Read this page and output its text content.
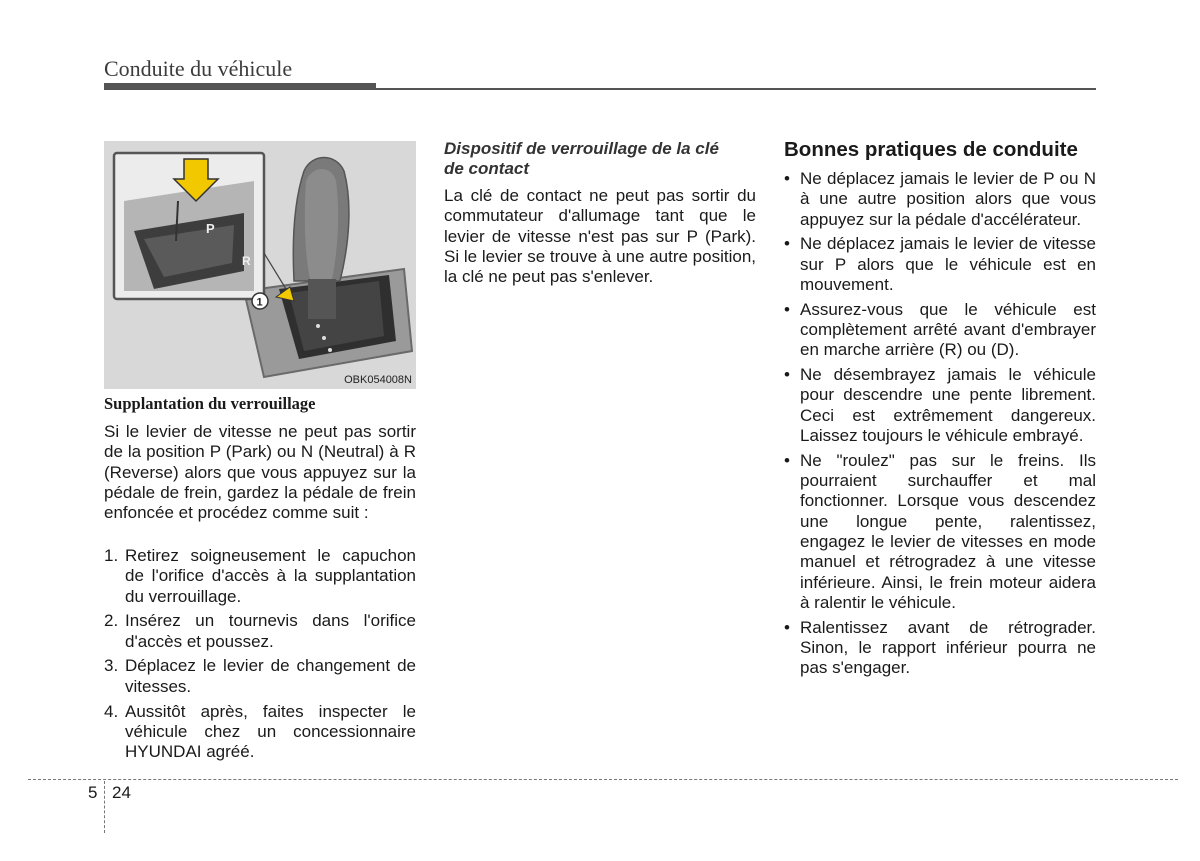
Conduite du véhicule
P
R
1
OBK054008N
Supplantation du verrouillage
Si le levier de vitesse ne peut pas sortir de la position P (Park) ou N (Neutral) à R (Reverse) alors que vous appuyez sur la pédale de frein, gardez la pédale de frein enfoncée et procédez comme suit :
1. Retirez soigneusement le capuchon de l'orifice d'accès à la supplantation du verrouillage.
2. Insérez un tournevis dans l'orifice d'accès et poussez.
3. Déplacez le levier de changement de vitesses.
4. Aussitôt après, faites inspecter le véhicule chez un concessionnaire HYUNDAI agréé.
Dispositif de verrouillage de la clé de contact
La clé de contact ne peut pas sortir du commutateur d'allumage tant que le levier de vitesse n'est pas sur P (Park). Si le levier se trouve à une autre position, la clé ne peut pas s'enlever.
Bonnes pratiques de conduite
• Ne déplacez jamais le levier de P ou N à une autre position alors que vous appuyez sur la pédale d'accélérateur.
• Ne déplacez jamais le levier de vitesse sur P alors que le véhicule est en mouvement.
• Assurez-vous que le véhicule est complètement arrêté avant d'embrayer en marche arrière (R) ou (D).
• Ne désembrayez jamais le véhicule pour descendre une pente librement. Ceci est extrêmement dangereux. Laissez toujours le véhicule embrayé.
• Ne "roulez" pas sur le freins. Ils pourraient surchauffer et mal fonctionner. Lorsque vous descendez une longue pente, ralentissez, engagez le levier de vitesses en mode manuel et rétrogradez à une vitesse inférieure. Ainsi, le frein moteur aidera à ralentir le véhicule.
• Ralentissez avant de rétrograder. Sinon, le rapport inférieur pourra ne pas s'engager.
5 24
